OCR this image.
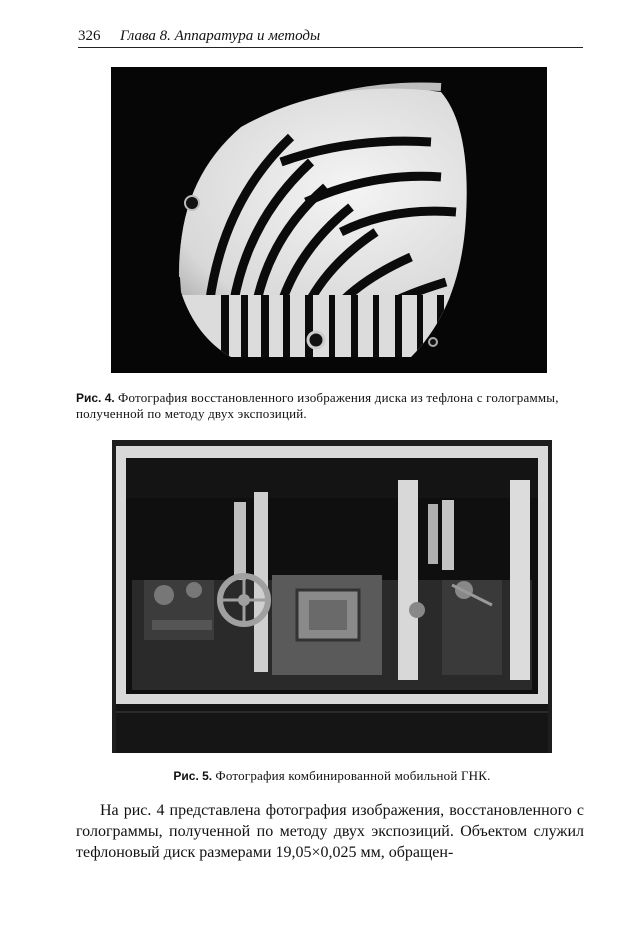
326 Глава 8. Аппаратура и методы
Рис. 4. Фотография восстановленного изображения диска из тефлона с голограммы, полученной по методу двух экспозиций.
Рис. 5. Фотография комбинированной мобильной ГНК.
На рис. 4 представлена фотография изображения, восстановленного с голограммы, полученной по методу двух экспозиций. Объектом служил тефлоновый диск размерами 19,05×0,025 мм, обращен-
